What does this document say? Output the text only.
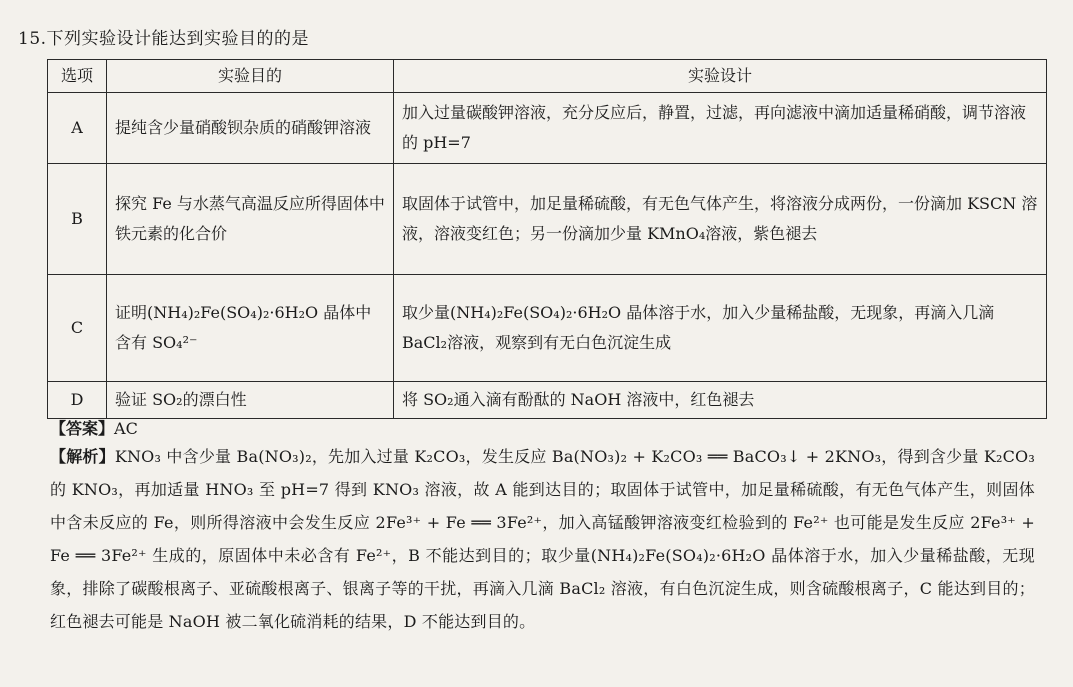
15.下列实验设计能达到实验目的的是
选项	实验目的	实验设计
A	提纯含少量硝酸钡杂质的硝酸钾溶液	加入过量碳酸钾溶液，充分反应后，静置，过滤，再向滤液中滴加适量稀硝酸，调节溶液的 pH=7
B	探究 Fe 与水蒸气高温反应所得固体中铁元素的化合价	取固体于试管中，加足量稀硫酸，有无色气体产生，将溶液分成两份，一份滴加 KSCN 溶液，溶液变红色；另一份滴加少量 KMnO₄溶液，紫色褪去
C	证明(NH₄)₂Fe(SO₄)₂·6H₂O 晶体中含有 SO₄²⁻	取少量(NH₄)₂Fe(SO₄)₂·6H₂O 晶体溶于水，加入少量稀盐酸，无现象，再滴入几滴 BaCl₂溶液，观察到有无白色沉淀生成
D	验证 SO₂的漂白性	将 SO₂通入滴有酚酞的 NaOH 溶液中，红色褪去
【答案】AC
【解析】KNO₃ 中含少量 Ba(NO₃)₂，先加入过量 K₂CO₃，发生反应 Ba(NO₃)₂ + K₂CO₃ ══ BaCO₃↓ + 2KNO₃，得到含少量 K₂CO₃ 的 KNO₃，再加适量 HNO₃ 至 pH=7 得到 KNO₃ 溶液，故 A 能到达目的；取固体于试管中，加足量稀硫酸，有无色气体产生，则固体中含未反应的 Fe，则所得溶液中会发生反应 2Fe³⁺ + Fe ══ 3Fe²⁺，加入高锰酸钾溶液变红检验到的 Fe²⁺ 也可能是发生反应 2Fe³⁺ + Fe ══ 3Fe²⁺ 生成的，原固体中未必含有 Fe²⁺，B 不能达到目的；取少量(NH₄)₂Fe(SO₄)₂·6H₂O 晶体溶于水，加入少量稀盐酸，无现象，排除了碳酸根离子、亚硫酸根离子、银离子等的干扰，再滴入几滴 BaCl₂ 溶液，有白色沉淀生成，则含硫酸根离子，C 能达到目的；红色褪去可能是 NaOH 被二氧化硫消耗的结果，D 不能达到目的。
